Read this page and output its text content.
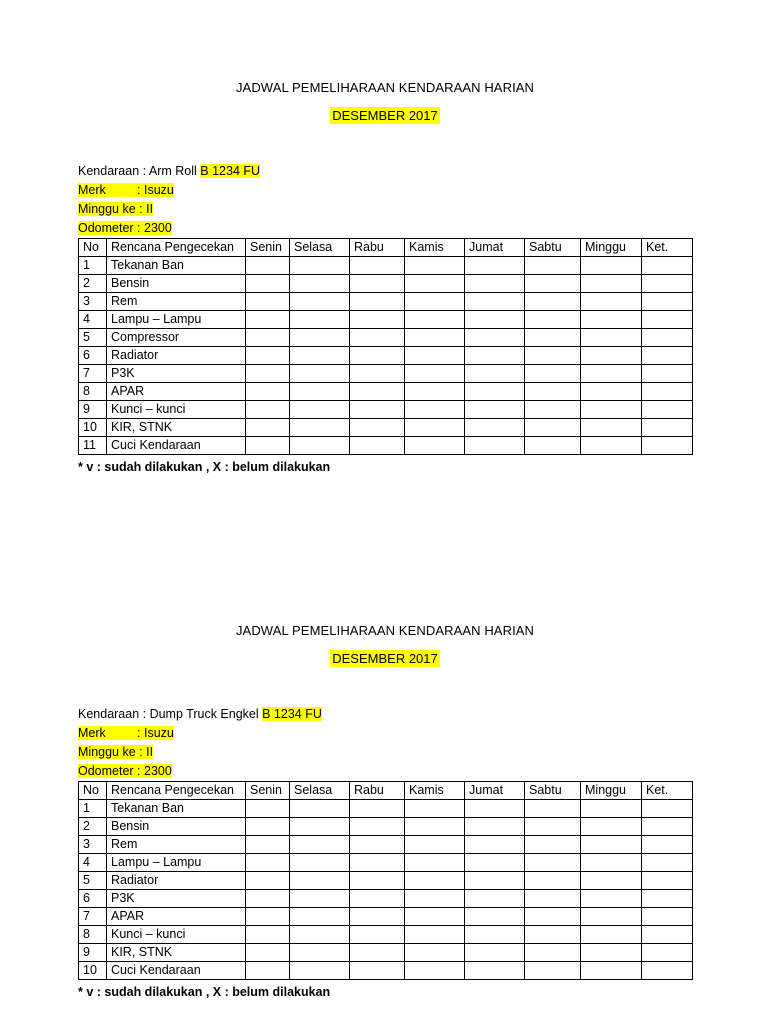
JADWAL PEMELIHARAAN KENDARAAN HARIAN
DESEMBER 2017
Kendaraan : Arm Roll B 1234 FU
Merk         : Isuzu
Minggu ke : II
Odometer : 2300
No	Rencana Pengecekan	Senin	Selasa	Rabu	Kamis	Jumat	Sabtu	Minggu	Ket.
1	Tekanan Ban								
2	Bensin								
3	Rem								
4	Lampu – Lampu								
5	Compressor								
6	Radiator								
7	P3K								
8	APAR								
9	Kunci – kunci								
10	KIR, STNK								
11	Cuci Kendaraan								
* v : sudah dilakukan , X : belum dilakukan
JADWAL PEMELIHARAAN KENDARAAN HARIAN
DESEMBER 2017
Kendaraan : Dump Truck Engkel B 1234 FU
Merk         : Isuzu
Minggu ke : II
Odometer : 2300
No	Rencana Pengecekan	Senin	Selasa	Rabu	Kamis	Jumat	Sabtu	Minggu	Ket.
1	Tekanan Ban								
2	Bensin								
3	Rem								
4	Lampu – Lampu								
5	Radiator								
6	P3K								
7	APAR								
8	Kunci – kunci								
9	KIR, STNK								
10	Cuci Kendaraan								
* v : sudah dilakukan , X : belum dilakukan
